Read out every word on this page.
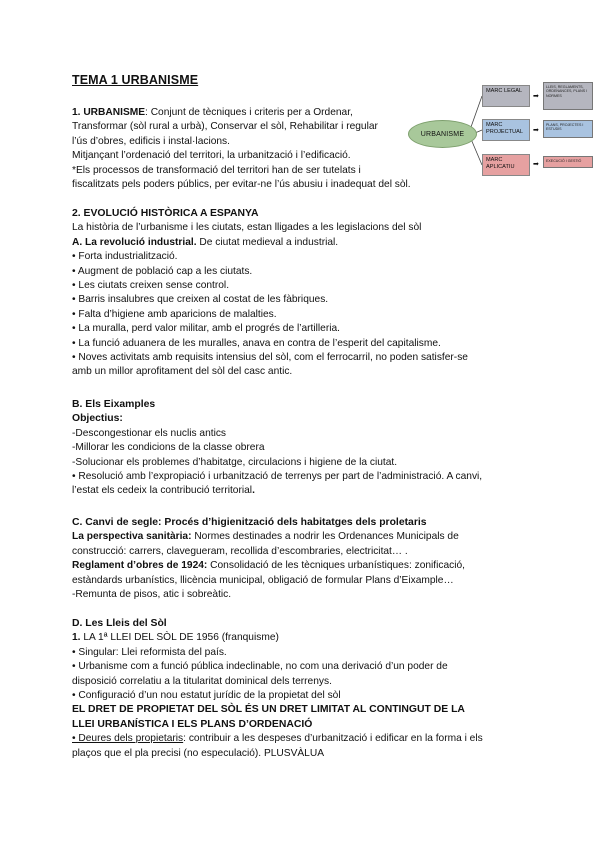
TEMA 1 URBANISME

1. URBANISME: Conjunt de tècniques i criteris per a Ordenar,

Transformar (sòl rural a urbà), Conservar el sòl, Rehabilitar i regular

l’ús d’obres, edificis i instal·lacions.

Mitjançant l’ordenació del territori, la urbanització i l’edificació.

*Els processos de transformació del territori han de ser tutelats i

fiscalitzats pels poders públics, per evitar-ne l’ús abusiu i inadequat del sòl.

URBANISME
MARC LEGAL
MARC PROJECTUAL
MARC APLICATIU
➡
➡
➡
LLEIS, REGLAMENTS, ORDENANCES, PLANS I NORMES
PLANS, PROJECTES I ESTUDIS
EXECUCIÓ I GESTIÓ

2. EVOLUCIÓ HISTÒRICA A ESPANYA

La història de l’urbanisme i les ciutats, estan lligades a les legislacions del sòl

A. La revolució industrial. De ciutat medieval a industrial.

• Forta industrialització.

• Augment de població cap a les ciutats.

• Les ciutats creixen sense control.

• Barris insalubres que creixen al costat de les fàbriques.

• Falta d’higiene amb aparicions de malalties.

• La muralla, perd valor militar, amb el progrés de l’artilleria.

• La funció aduanera de les muralles, anava en contra de l’esperit del capitalisme.

• Noves activitats amb requisits intensius del sòl, com el ferrocarril, no poden satisfer-se

amb un millor aprofitament del sòl del casc antic.

B. Els Eixamples

Objectius:

-Descongestionar els nuclis antics

-Millorar les condicions de la classe obrera

-Solucionar els problemes d’habitatge, circulacions i higiene de la ciutat.

• Resolució amb l’expropiació i urbanització de terrenys per part de l’administració. A canvi,

l’estat els cedeix la contribució territorial.

C. Canvi de segle: Procés d’higienització dels habitatges dels proletaris

La perspectiva sanitària: Normes destinades a nodrir les Ordenances Municipals de

construcció: carrers, clavegueram, recollida d’escombraries, electricitat… .

Reglament d’obres de 1924: Consolidació de les tècniques urbanístiques: zonificació,

estàndards urbanístics, llicència municipal, obligació de formular Plans d’Eixample…

-Remunta de pisos, atic i sobreàtic.

D. Les Lleis del Sòl

1. LA 1ª LLEI DEL SÒL DE 1956 (franquisme)

• Singular: Llei reformista del país.

• Urbanisme com a funció pública indeclinable, no com una derivació d’un poder de

disposició correlatiu a la titularitat dominical dels terrenys.

• Configuració d’un nou estatut jurídic de la propietat del sòl

EL DRET DE PROPIETAT DEL SÒL ÉS UN DRET LIMITAT AL CONTINGUT DE LA

LLEI URBANÍSTICA I ELS PLANS D’ORDENACIÓ

• Deures dels propietaris: contribuir a les despeses d’urbanització i edificar en la forma i els

plaços que el pla precisi (no especulació). PLUSVÀLUA
